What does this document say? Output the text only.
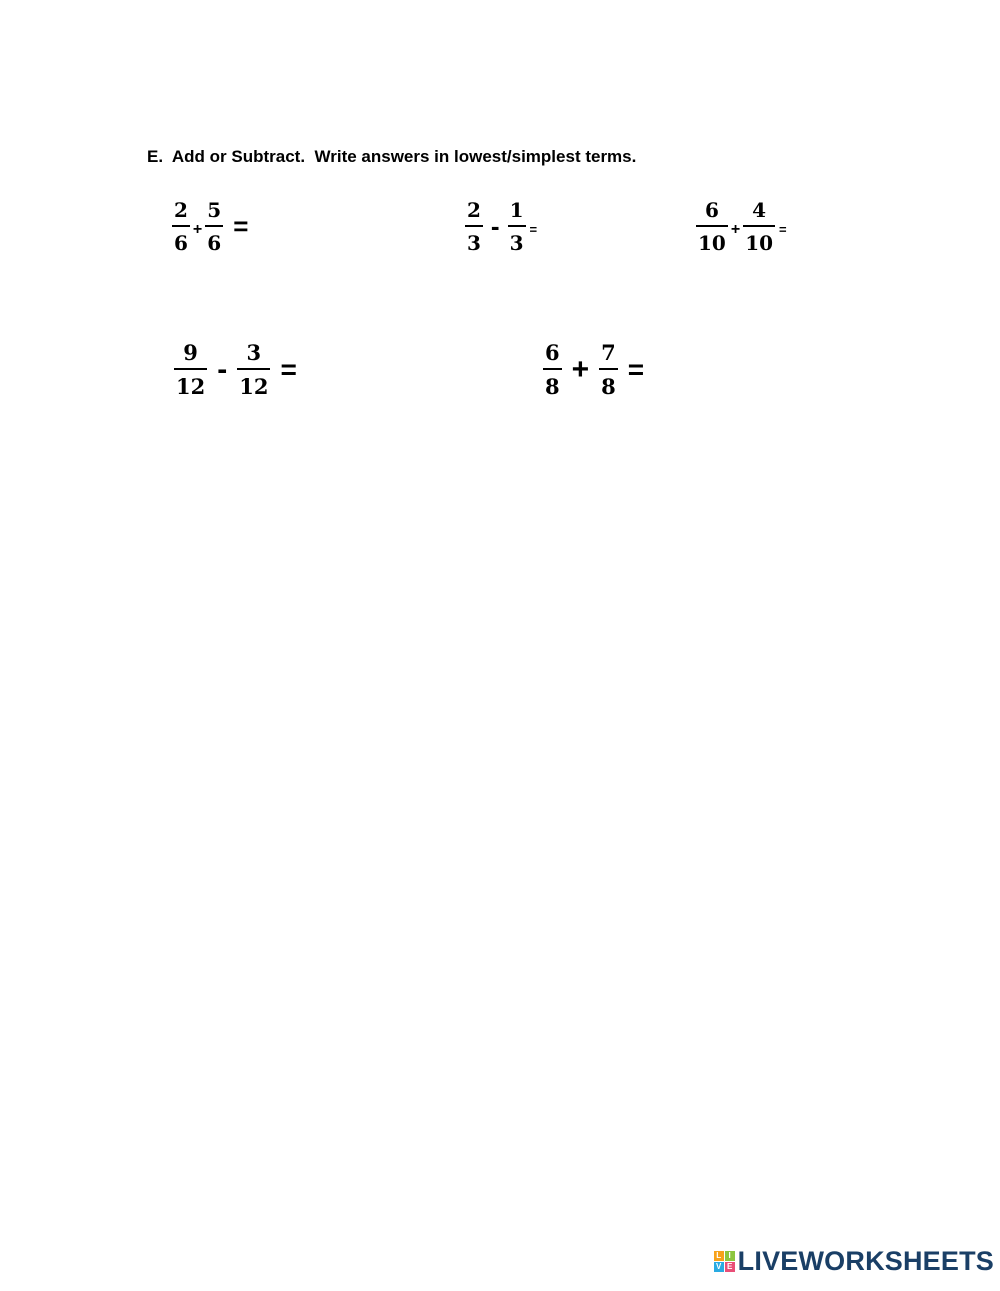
E.  Add or Subtract.  Write answers in lowest/simplest terms.
$\frac{2}{6} + \frac{5}{6}$ =	$\frac{2}{3} - \frac{1}{3}$ =	$\frac{6}{10} + \frac{4}{10}$ =
$\frac{9}{12} - \frac{3}{12}$ =	$\frac{6}{8} + \frac{7}{8}$ =
L I
V E LIVEWORKSHEETS
